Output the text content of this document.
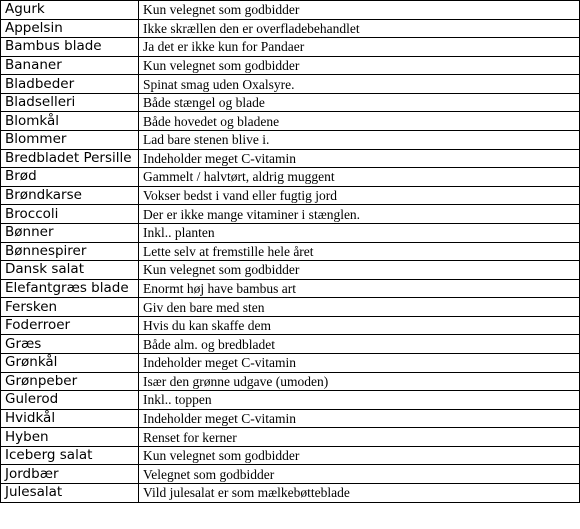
Agurk	Kun velegnet som godbidder
Appelsin	Ikke skrællen den er overfladebehandlet
Bambus blade	Ja det er ikke kun for Pandaer
Bananer	Kun velegnet som godbidder
Bladbeder	Spinat smag uden Oxalsyre.
Bladselleri	Både stængel og blade
Blomkål	Både hovedet og bladene
Blommer	Lad bare stenen blive i.
Bredbladet Persille	Indeholder meget C-vitamin
Brød	Gammelt / halvtørt, aldrig muggent
Brøndkarse	Vokser bedst i vand eller fugtig jord
Broccoli	Der er ikke mange vitaminer i stænglen.
Bønner	Inkl.. planten
Bønnespirer	Lette selv at fremstille hele året
Dansk salat	Kun velegnet som godbidder
Elefantgræs blade	Enormt høj have bambus art
Fersken	Giv den bare med sten
Foderroer	Hvis du kan skaffe dem
Græs	Både alm. og bredbladet
Grønkål	Indeholder meget C-vitamin
Grønpeber	Især den grønne udgave (umoden)
Gulerod	Inkl.. toppen
Hvidkål	Indeholder meget C-vitamin
Hyben	Renset for kerner
Iceberg salat	Kun velegnet som godbidder
Jordbær	Velegnet som godbidder
Julesalat	Vild julesalat er som mælkebøtteblade
